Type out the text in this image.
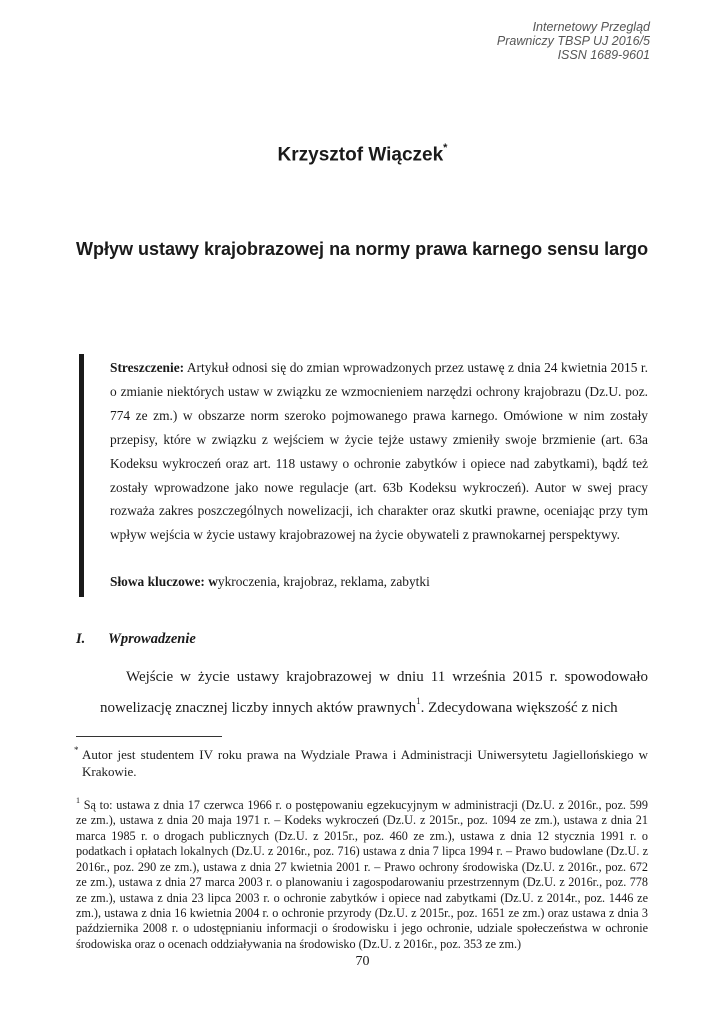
Internetowy Przegląd
Prawniczy TBSP UJ 2016/5
ISSN 1689-9601
Krzysztof Wiączek*
Wpływ ustawy krajobrazowej na normy prawa karnego sensu largo

Streszczenie: Artykuł odnosi się do zmian wprowadzonych przez ustawę z dnia 24 kwietnia 2015 r. o zmianie niektórych ustaw w związku ze wzmocnieniem narzędzi ochrony krajobrazu (Dz.U. poz. 774 ze zm.) w obszarze norm szeroko pojmowanego prawa karnego. Omówione w nim zostały przepisy, które w związku z wejściem w życie tejże ustawy zmieniły swoje brzmienie (art. 63a Kodeksu wykroczeń oraz art. 118 ustawy o ochronie zabytków i opiece nad zabytkami), bądź też zostały wprowadzone jako nowe regulacje (art. 63b Kodeksu wykroczeń). Autor w swej pracy rozważa zakres poszczególnych nowelizacji, ich charakter oraz skutki prawne, oceniając przy tym wpływ wejścia w życie ustawy krajobrazowej na życie obywateli z prawnokarnej perspektywy.

Słowa kluczowe: wykroczenia, krajobraz, reklama, zabytki
I. Wprowadzenie

Wejście w życie ustawy krajobrazowej w dniu 11 września 2015 r. spowodowało nowelizację znacznej liczby innych aktów prawnych$^1$. Zdecydowana większość z nich

* Autor jest studentem IV roku prawa na Wydziale Prawa i Administracji Uniwersytetu Jagiellońskiego w Krakowie.
$^1$ Są to: ustawa z dnia 17 czerwca 1966 r. o postępowaniu egzekucyjnym w administracji (Dz.U. z 2016r., poz. 599 ze zm.), ustawa z dnia 20 maja 1971 r. – Kodeks wykroczeń (Dz.U. z 2015r., poz. 1094 ze zm.), ustawa z dnia 21 marca 1985 r. o drogach publicznych (Dz.U. z 2015r., poz. 460 ze zm.), ustawa z dnia 12 stycznia 1991 r. o podatkach i opłatach lokalnych (Dz.U. z 2016r., poz. 716) ustawa z dnia 7 lipca 1994 r. – Prawo budowlane (Dz.U. z 2016r., poz. 290 ze zm.), ustawa z dnia 27 kwietnia 2001 r. – Prawo ochrony środowiska (Dz.U. z 2016r., poz. 672 ze zm.), ustawa z dnia 27 marca 2003 r. o planowaniu i zagospodarowaniu przestrzennym (Dz.U. z 2016r., poz. 778 ze zm.), ustawa z dnia 23 lipca 2003 r. o ochronie zabytków i opiece nad zabytkami (Dz.U. z 2014r., poz. 1446 ze zm.), ustawa z dnia 16 kwietnia 2004 r. o ochronie przyrody (Dz.U. z 2015r., poz. 1651 ze zm.) oraz ustawa z dnia 3 października 2008 r. o udostępnianiu informacji o środowisku i jego ochronie, udziale społeczeństwa w ochronie środowiska oraz o ocenach oddziaływania na środowisko (Dz.U. z 2016r., poz. 353 ze zm.)
70
